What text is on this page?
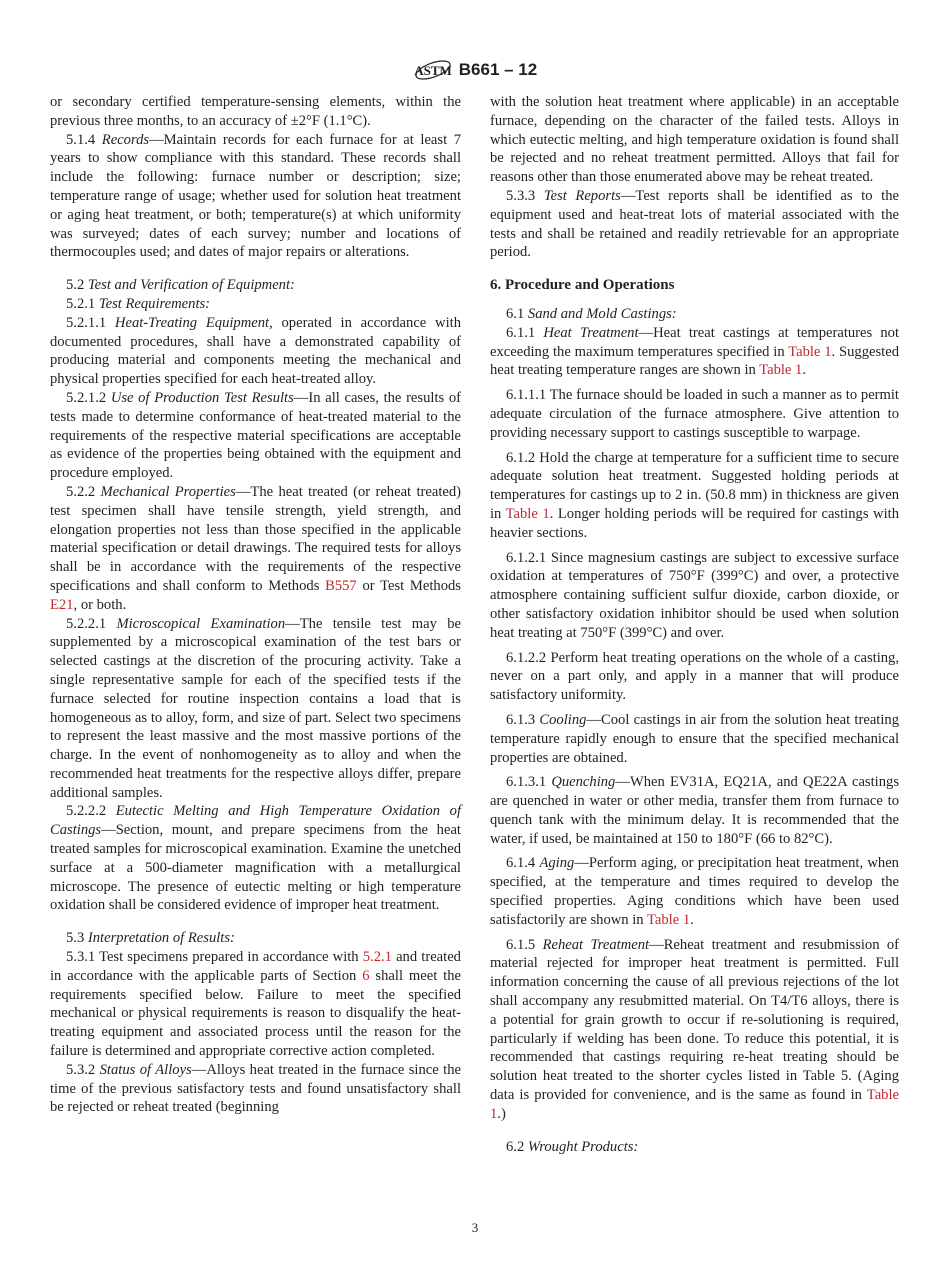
ASTM B661 – 12

or secondary certified temperature-sensing elements, within the previous three months, to an accuracy of ±2°F (1.1°C).

5.1.4 Records—Maintain records for each furnace for at least 7 years to show compliance with this standard. These records shall include the following: furnace number or description; size; temperature range of usage; whether used for solution heat treatment or aging heat treatment, or both; temperature(s) at which uniformity was surveyed; dates of each survey; number and locations of thermocouples used; and dates of major repairs or alterations.

5.2 Test and Verification of Equipment:

5.2.1 Test Requirements:

5.2.1.1 Heat-Treating Equipment, operated in accordance with documented procedures, shall have a demonstrated capability of producing material and components meeting the mechanical and physical properties specified for each heat-treated alloy.

5.2.1.2 Use of Production Test Results—In all cases, the results of tests made to determine conformance of heat-treated material to the requirements of the respective material specifications are acceptable as evidence of the properties being obtained with the equipment and procedure employed.

5.2.2 Mechanical Properties—The heat treated (or reheat treated) test specimen shall have tensile strength, yield strength, and elongation properties not less than those specified in the applicable material specification or detail drawings. The required tests for alloys shall be in accordance with the requirements of the respective specifications and shall conform to Methods B557 or Test Methods E21, or both.

5.2.2.1 Microscopical Examination—The tensile test may be supplemented by a microscopical examination of the test bars or selected castings at the discretion of the procuring activity. Take a single representative sample for each of the specified tests if the furnace selected for routine inspection contains a load that is homogeneous as to alloy, form, and size of part. Select two specimens to represent the least massive and the most massive portions of the charge. In the event of nonhomogeneity as to alloy and when the recommended heat treatments for the respective alloys differ, prepare additional samples.

5.2.2.2 Eutectic Melting and High Temperature Oxidation of Castings—Section, mount, and prepare specimens from the heat treated samples for microscopical examination. Examine the unetched surface at a 500-diameter magnification with a metallurgical microscope. The presence of eutectic melting or high temperature oxidation shall be considered evidence of improper heat treatment.

5.3 Interpretation of Results:

5.3.1 Test specimens prepared in accordance with 5.2.1 and treated in accordance with the applicable parts of Section 6 shall meet the requirements specified below. Failure to meet the specified mechanical or physical requirements is reason to disqualify the heat-treating equipment and associated process until the reason for the failure is determined and appropriate corrective action completed.

5.3.2 Status of Alloys—Alloys heat treated in the furnace since the time of the previous satisfactory tests and found unsatisfactory shall be rejected or reheat treated (beginning

with the solution heat treatment where applicable) in an acceptable furnace, depending on the character of the failed tests. Alloys in which eutectic melting, and high temperature oxidation is found shall be rejected and no reheat treatment permitted. Alloys that fail for reasons other than those enumerated above may be reheat treated.

5.3.3 Test Reports—Test reports shall be identified as to the equipment used and heat-treat lots of material associated with the tests and shall be retained and readily retrievable for an appropriate period.

6. Procedure and Operations

6.1 Sand and Mold Castings:

6.1.1 Heat Treatment—Heat treat castings at temperatures not exceeding the maximum temperatures specified in Table 1. Suggested heat treating temperature ranges are shown in Table 1.

6.1.1.1 The furnace should be loaded in such a manner as to permit adequate circulation of the furnace atmosphere. Give attention to providing necessary support to castings susceptible to warpage.

6.1.2 Hold the charge at temperature for a sufficient time to secure adequate solution heat treatment. Suggested holding periods at temperatures for castings up to 2 in. (50.8 mm) in thickness are given in Table 1. Longer holding periods will be required for castings with heavier sections.

6.1.2.1 Since magnesium castings are subject to excessive surface oxidation at temperatures of 750°F (399°C) and over, a protective atmosphere containing sufficient sulfur dioxide, carbon dioxide, or other satisfactory oxidation inhibitor should be used when solution heat treating at 750°F (399°C) and over.

6.1.2.2 Perform heat treating operations on the whole of a casting, never on a part only, and apply in a manner that will produce satisfactory uniformity.

6.1.3 Cooling—Cool castings in air from the solution heat treating temperature rapidly enough to ensure that the specified mechanical properties are obtained.

6.1.3.1 Quenching—When EV31A, EQ21A, and QE22A castings are quenched in water or other media, transfer them from furnace to quench tank with the minimum delay. It is recommended that the water, if used, be maintained at 150 to 180°F (66 to 82°C).

6.1.4 Aging—Perform aging, or precipitation heat treatment, when specified, at the temperature and times required to develop the specified properties. Aging conditions which have been used satisfactorily are shown in Table 1.

6.1.5 Reheat Treatment—Reheat treatment and resubmission of material rejected for improper heat treatment is permitted. Full information concerning the cause of all previous rejections of the lot shall accompany any resubmitted material. On T4/T6 alloys, there is a potential for grain growth to occur if re-solutioning is required, particularly if welding has been done. To reduce this potential, it is recommended that castings requiring re-heat treating should be solution heat treated to the shorter cycles listed in Table 5. (Aging data is provided for convenience, and is the same as found in Table 1.)

6.2 Wrought Products:

3
